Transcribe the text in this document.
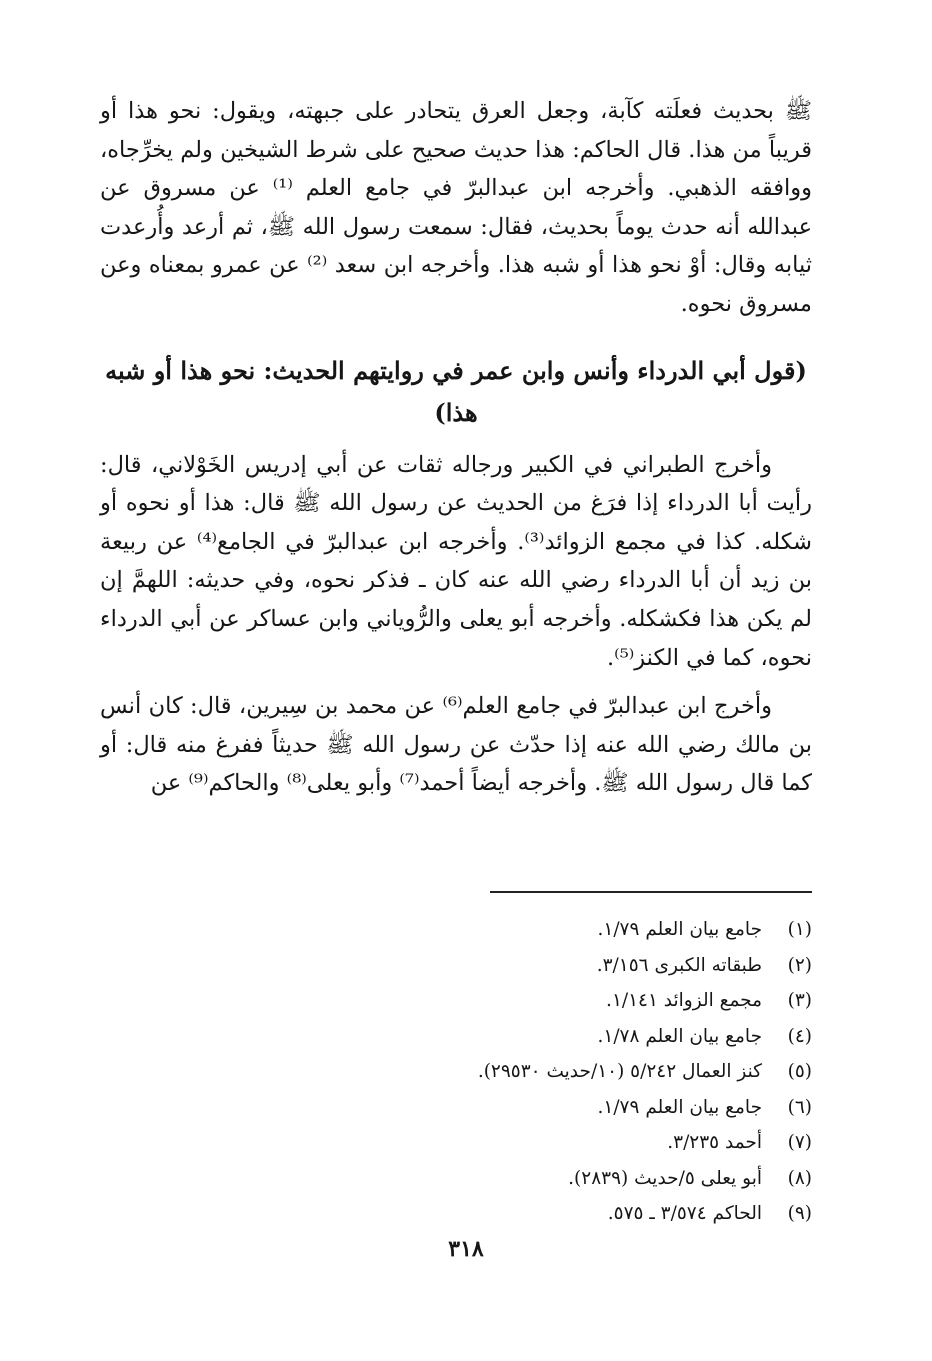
ﷺ بحديث فعلَته كآبة، وجعل العرق يتحادر على جبهته، ويقول: نحو هذا أو قريباً من هذا. قال الحاكم: هذا حديث صحيح على شرط الشيخين ولم يخرِّجاه، ووافقه الذهبي. وأخرجه ابن عبدالبرّ في جامع العلم ⁽¹⁾ عن مسروق عن عبدالله أنه حدث يوماً بحديث، فقال: سمعت رسول الله ﷺ، ثم أرعد وأُرعدت ثيابه وقال: أوْ نحو هذا أو شبه هذا. وأخرجه ابن سعد ⁽²⁾ عن عمرو بمعناه وعن مسروق نحوه.

(قول أبي الدرداء وأنس وابن عمر في روايتهم الحديث: نحو هذا أو شبه هذا)

وأخرج الطبراني في الكبير ورجاله ثقات عن أبي إدريس الخَوْلاني، قال: رأيت أبا الدرداء إذا فرَغ من الحديث عن رسول الله ﷺ قال: هذا أو نحوه أو شكله. كذا في مجمع الزوائد⁽³⁾. وأخرجه ابن عبدالبرّ في الجامع⁽⁴⁾ عن ربيعة بن زيد أن أبا الدرداء رضي الله عنه كان ـ فذكر نحوه، وفي حديثه: اللهمَّ إن لم يكن هذا فكشكله. وأخرجه أبو يعلى والرُّوياني وابن عساكر عن أبي الدرداء نحوه، كما في الكنز⁽⁵⁾.

وأخرج ابن عبدالبرّ في جامع العلم⁽⁶⁾ عن محمد بن سِيرين، قال: كان أنس بن مالك رضي الله عنه إذا حدّث عن رسول الله ﷺ حديثاً ففرغ منه قال: أو كما قال رسول الله ﷺ. وأخرجه أيضاً أحمد⁽⁷⁾ وأبو يعلى⁽⁸⁾ والحاكم⁽⁹⁾ عن

(١)جامع بيان العلم ١/٧٩.
(٢)طبقاته الكبرى ٣/١٥٦.
(٣)مجمع الزوائد ١/١٤١.
(٤)جامع بيان العلم ١/٧٨.
(٥)كنز العمال ٥/٢٤٢ (١٠/حديث ٢٩٥٣٠).
(٦)جامع بيان العلم ١/٧٩.
(٧)أحمد ٣/٢٣٥.
(٨)أبو يعلى ٥/حديث (٢٨٣٩).
(٩)الحاكم ٣/٥٧٤ ـ ٥٧٥.
٣١٨
